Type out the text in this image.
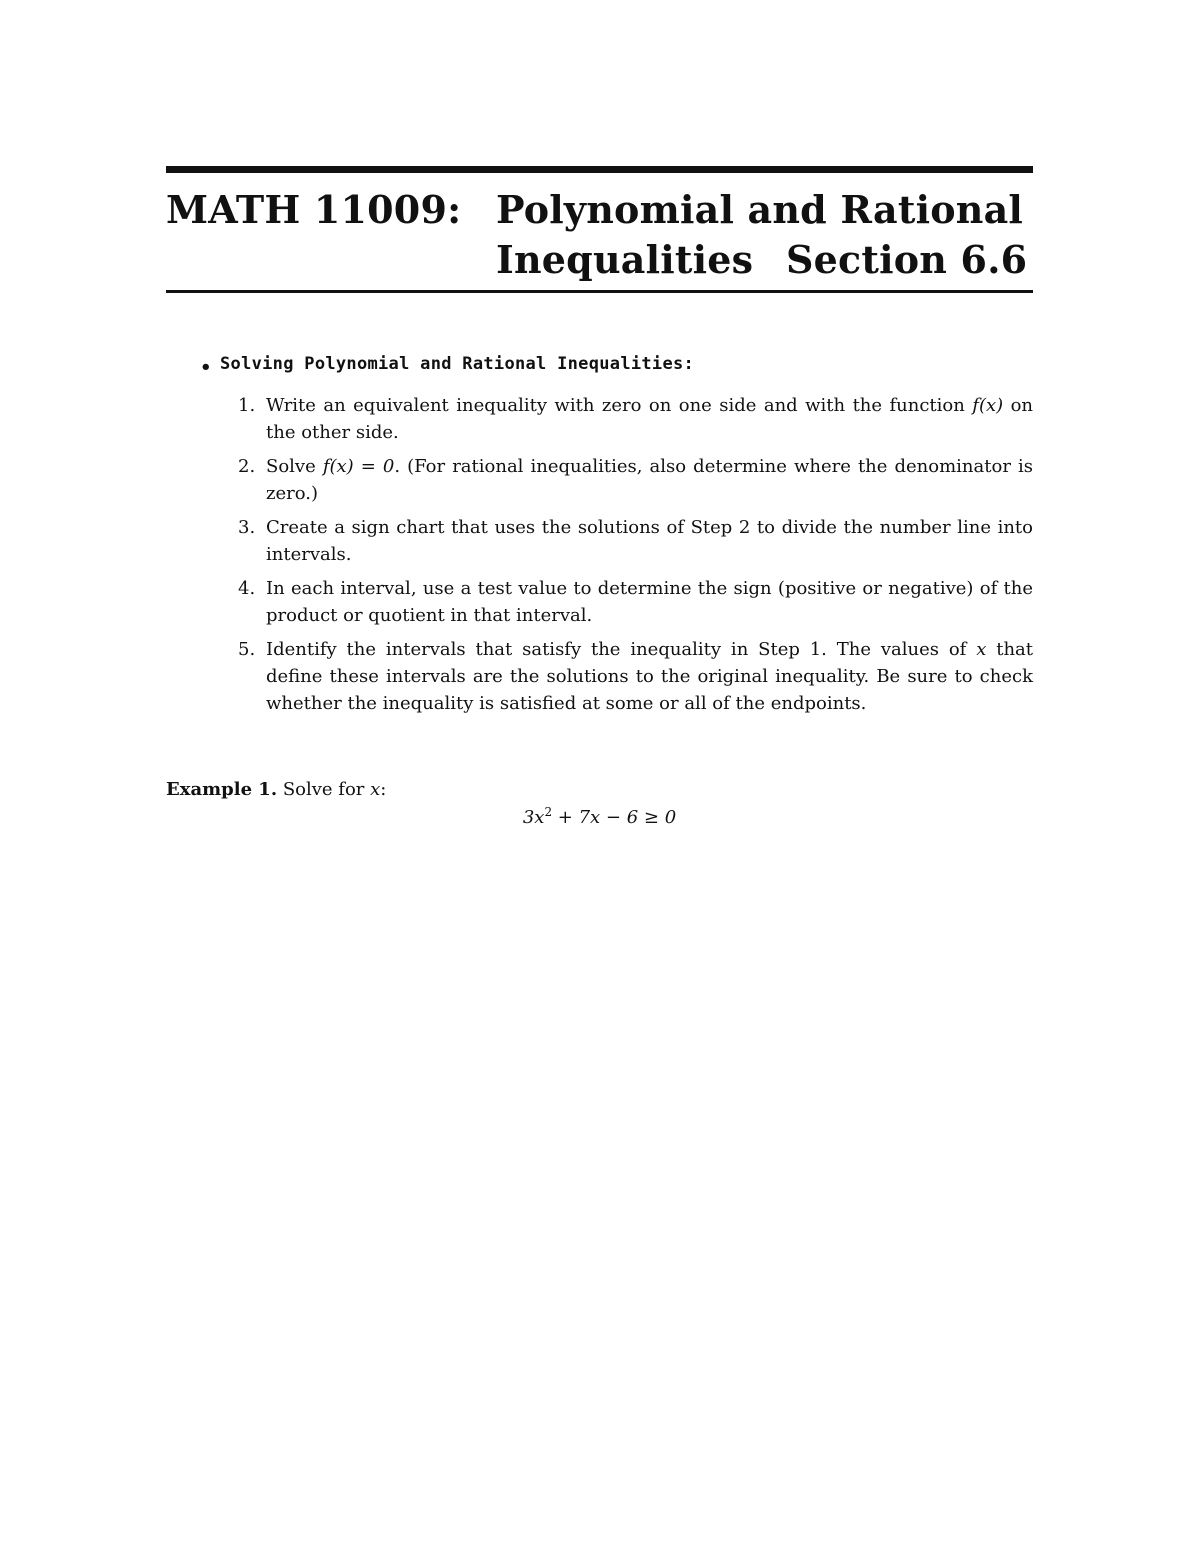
MATH 11009: Polynomial and Rational
Inequalities Section 6.6
• Solving Polynomial and Rational Inequalities:
1. Write an equivalent inequality with zero on one side and with the function f(x) on the other side.
2. Solve f(x) = 0. (For rational inequalities, also determine where the denominator is zero.)
3. Create a sign chart that uses the solutions of Step 2 to divide the number line into intervals.
4. In each interval, use a test value to determine the sign (positive or negative) of the product or quotient in that interval.
5. Identify the intervals that satisfy the inequality in Step 1. The values of x that define these intervals are the solutions to the original inequality. Be sure to check whether the inequality is satisfied at some or all of the endpoints.
Example 1. Solve for x:
$3x^2 + 7x - 6 \ge 0$
